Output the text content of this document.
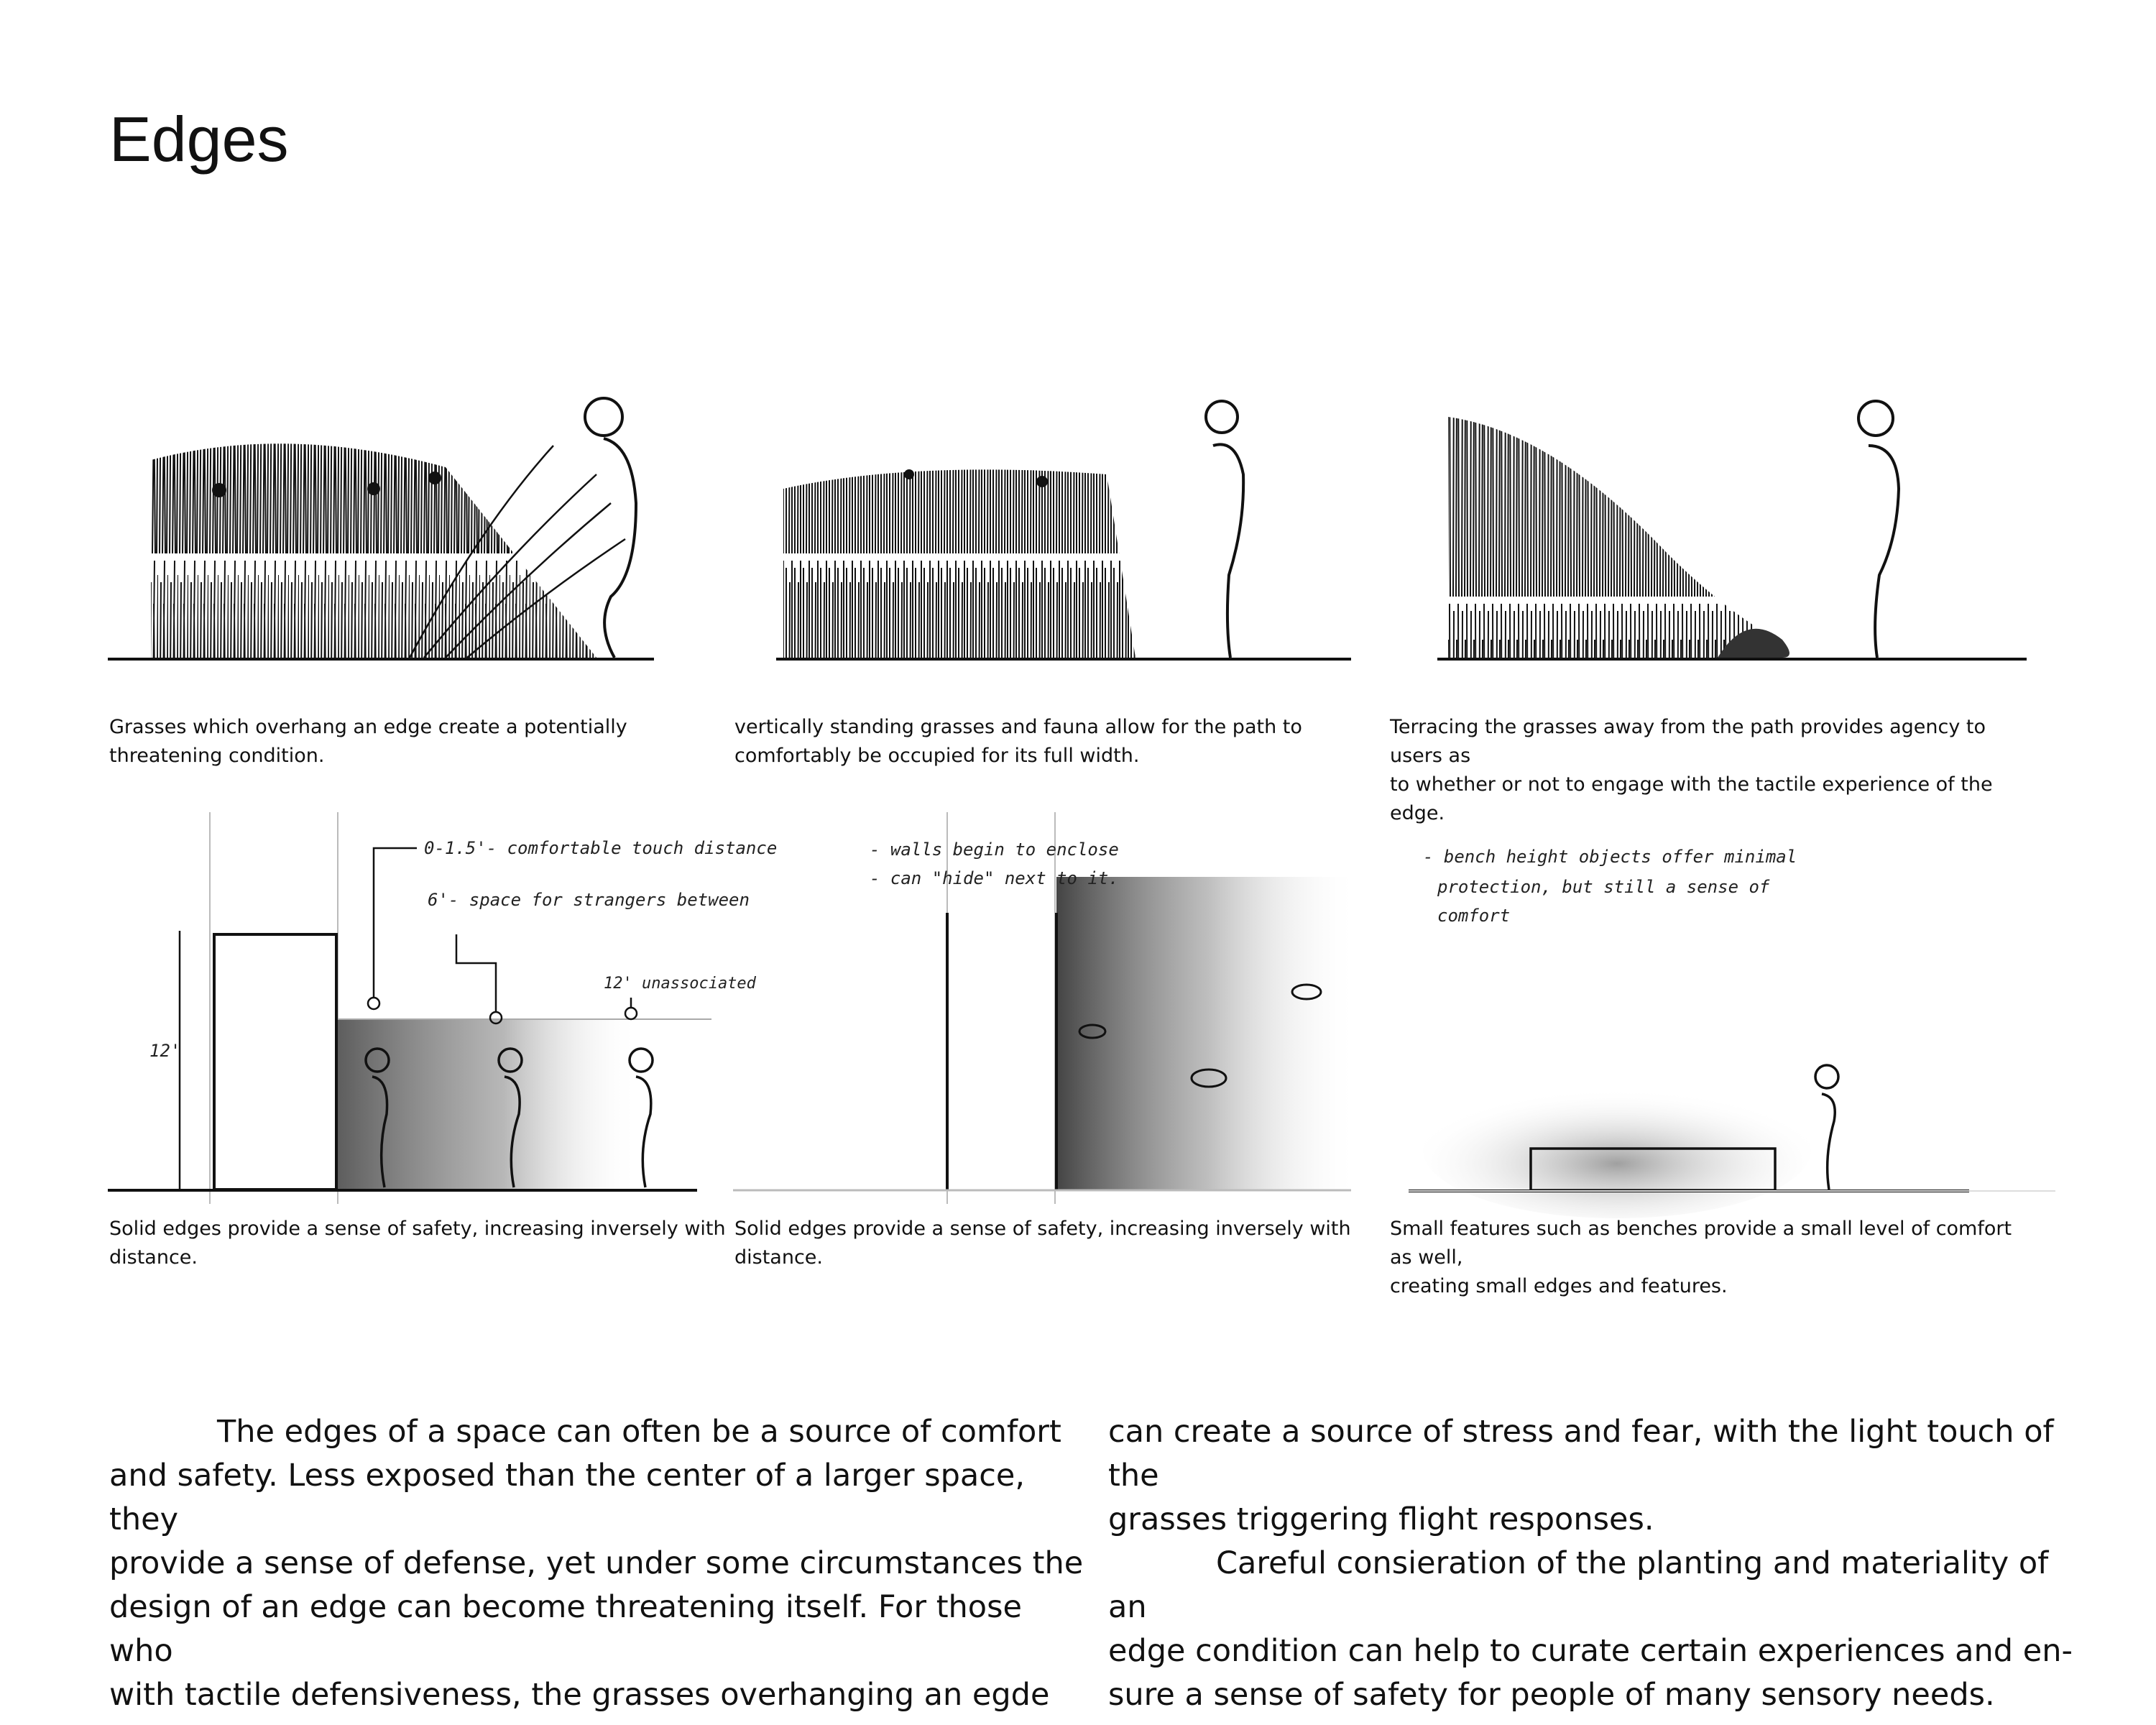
Edges
Grasses which overhang an edge create a potentially
threatening condition.
vertically standing grasses and fauna allow for the path to
comfortably be occupied for its full width.
Terracing the grasses away from the path provides agency to users as
to whether or not to engage with the tactile experience of the edge.
12'
0-1.5'- comfortable touch distance
6'- space for strangers between
12' unassociated
- walls begin to enclose
- can "hide" next to it.
- bench height objects offer minimal
protection, but still a sense of
comfort
Solid edges provide a sense of safety, increasing inversely with
distance.
Solid edges provide a sense of safety, increasing inversely with
distance.
Small features such as benches provide a small level of comfort as well,
creating small edges and features.

The edges of a space can often be a source of comfort
and safety. Less exposed than the center of a larger space, they
provide a sense of defense, yet under some circumstances the
design of an edge can become threatening itself. For those who
with tactile defensiveness, the grasses overhanging an egde

can create a source of stress and fear, with the light touch of the
grasses triggering flight responses.

Careful consieration of the planting and materiality of an
edge condition can help to curate certain experiences and en-
sure a sense of safety for people of many sensory needs.
